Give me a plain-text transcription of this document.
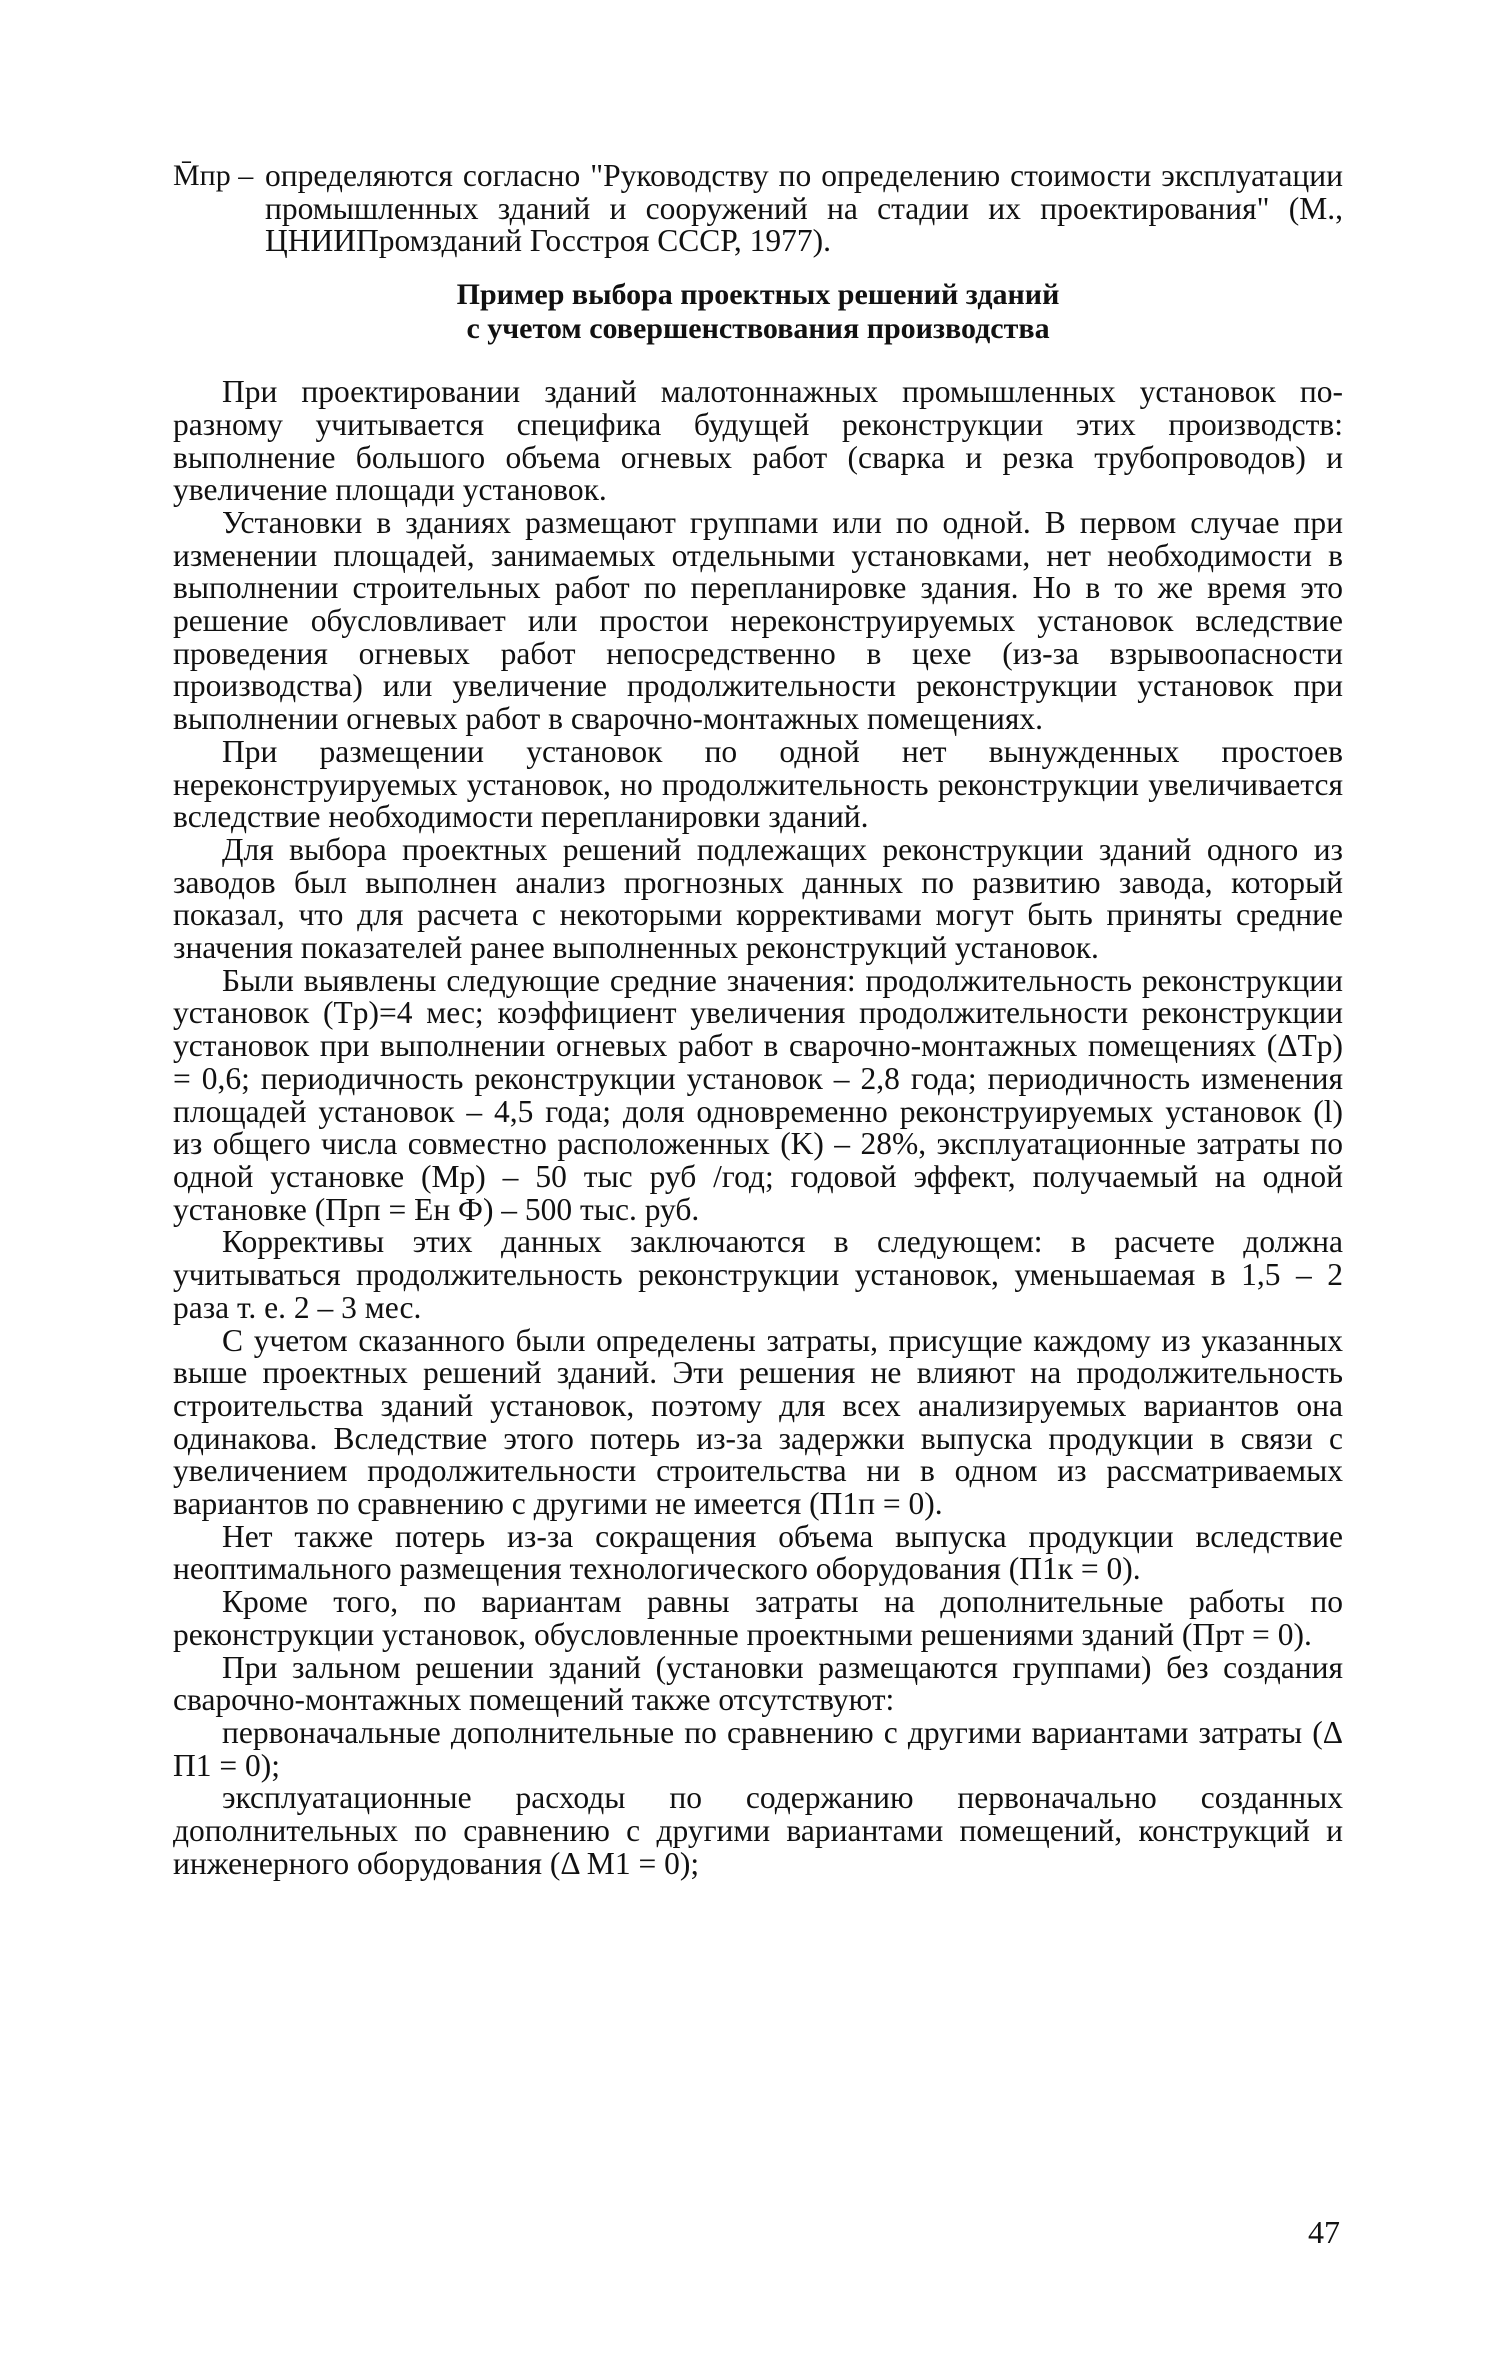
M̄пр – определяются согласно "Руководству по определению стоимости эксплуатации промышленных зданий и сооружений на стадии их проектирования" (М., ЦНИИПромзданий Госстроя СССР, 1977).
Пример выбора проектных решений зданий
с учетом совершенствования производства

При проектировании зданий малотоннажных промышленных установок по-разному учитывается специфика будущей реконструкции этих производств: выполнение большого объема огневых работ (сварка и резка трубопроводов) и увеличение площади установок.

Установки в зданиях размещают группами или по одной. В первом случае при изменении площадей, занимаемых отдельными установками, нет необходимости в выполнении строительных работ по перепланировке здания. Но в то же время это решение обусловливает или простои нереконструируемых установок вследствие проведения огневых работ непосредственно в цехе (из-за взрывоопасности производства) или увеличение продолжительности реконструкции установок при выполнении огневых работ в сварочно-монтажных помещениях.

При размещении установок по одной нет вынужденных простоев нереконструируемых установок, но продолжительность реконструкции увеличивается вследствие необходимости перепланировки зданий.

Для выбора проектных решений подлежащих реконструкции зданий одного из заводов был выполнен анализ прогнозных данных по развитию завода, который показал, что для расчета с некоторыми коррективами могут быть приняты средние значения показателей ранее выполненных реконструкций установок.

Были выявлены следующие средние значения: продолжительность реконструкции установок (Tр)=4 мес; коэффициент увеличения продолжительности реконструкции установок при выполнении огневых работ в сварочно-монтажных помещениях (ΔTр) = 0,6; периодичность реконструкции установок – 2,8 года; периодичность изменения площадей установок – 4,5 года; доля одновременно реконструируемых установок (l) из общего числа совместно расположенных (K) – 28%, эксплуатационные затраты по одной установке (Mр) – 50 тыс руб /год; годовой эффект, получаемый на одной установке (Прп = Eн Ф) – 500 тыс. руб.

Коррективы этих данных заключаются в следующем: в расчете должна учитываться продолжительность реконструкции установок, уменьшаемая в 1,5 – 2 раза т. е. 2 – 3 мес.

С учетом сказанного были определены затраты, присущие каждому из указанных выше проектных решений зданий. Эти решения не влияют на продолжительность строительства зданий установок, поэтому для всех анализируемых вариантов она одинакова. Вследствие этого потерь из-за задержки выпуска продукции в связи с увеличением продолжительности строительства ни в одном из рассматриваемых вариантов по сравнению с другими не имеется (П1п = 0).

Нет также потерь из-за сокращения объема выпуска продукции вследствие неоптимального размещения технологического оборудования (П1к = 0).

Кроме того, по вариантам равны затраты на дополнительные работы по реконструкции установок, обусловленные проектными решениями зданий (Прт = 0).

При зальном решении зданий (установки размещаются группами) без создания сварочно-монтажных помещений также отсутствуют:

первоначальные дополнительные по сравнению с другими вариантами затраты (Δ П1 = 0);

эксплуатационные расходы по содержанию первоначально созданных дополнительных по сравнению с другими вариантами помещений, конструкций и инженерного оборудования (Δ M1 = 0);

47
